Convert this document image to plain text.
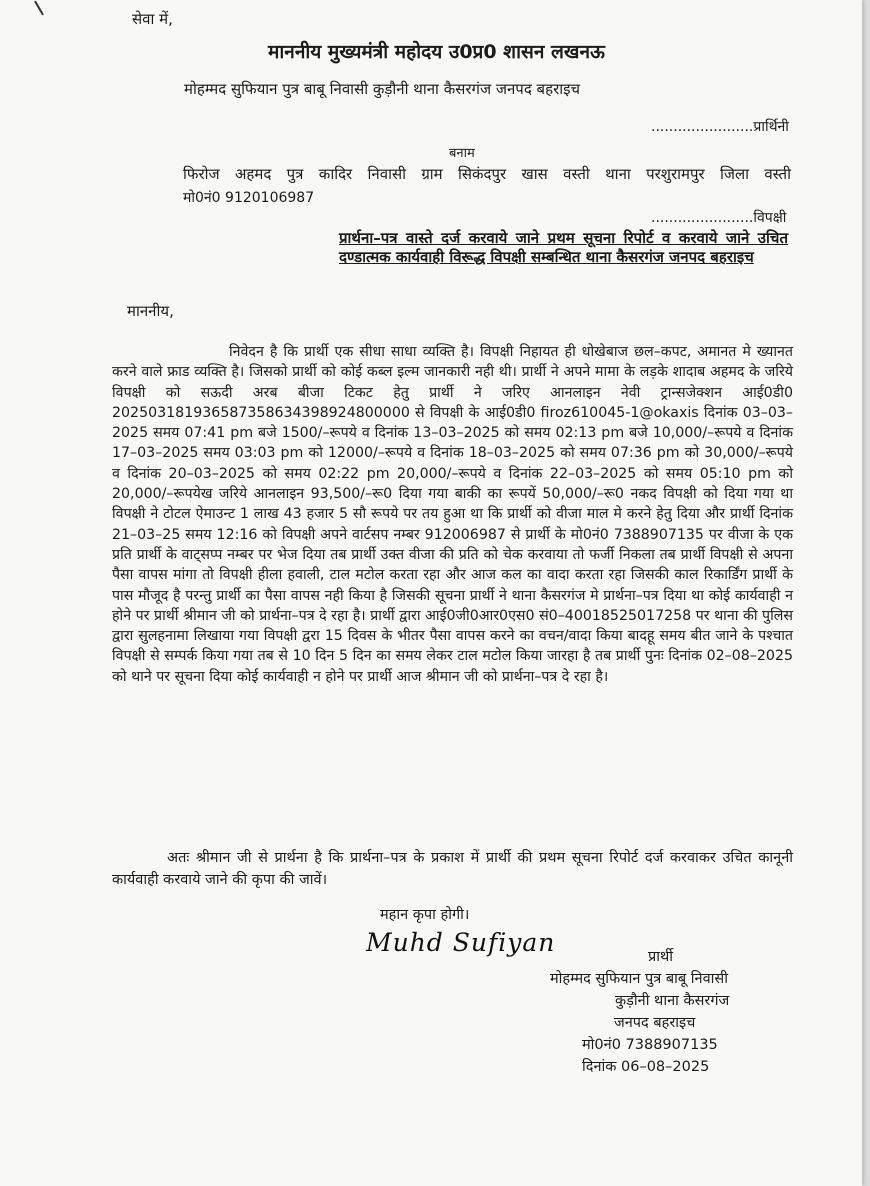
सेवा में,
माननीय मुख्यमंत्री महोदय उ0प्र0 शासन लखनऊ
मोहम्मद सुफियान पुत्र बाबू निवासी कुड़ौनी थाना कैसरगंज जनपद बहराइच
.......................प्रार्थिनी
बनाम
फिरोज अहमद पुत्र कादिर निवासी ग्राम सिकंदपुर खास वस्ती थाना परशुरामपुर जिला वस्ती
मो0नं0 9120106987
.......................विपक्षी
प्रार्थना–पत्र वास्ते दर्ज करवाये जाने प्रथम सूचना रिपोर्ट व करवाये जाने उचित दण्डात्मक कार्यवाही विरूद्ध विपक्षी सम्बन्धित थाना कैसरगंज जनपद बहराइच
माननीय,
निवेदन है कि प्रार्थी एक सीधा साधा व्यक्ति है। विपक्षी निहायत ही धोखेबाज छल–कपट, अमानत मे ख्यानत करने वाले फ्राड व्यक्ति है। जिसको प्रार्थी को कोई कब्ल इल्म जानकारी नही थी। प्रार्थी ने अपने मामा के लड़के शादाब अहमद के जरिये विपक्षी को सऊदी अरब बीजा टिकट हेतु प्रार्थी ने जरिए आनलाइन नेवी ट्रान्सजेक्शन आई0डी0 202503181936587358634398924800000 से विपक्षी के आई0डी0 firoz610045-1@okaxis दिनांक 03–03–2025 समय 07:41 pm बजे 1500/–रूपये व दिनांक 13–03–2025 को समय 02:13 pm बजे 10,000/–रूपये व दिनांक 17–03–2025 समय 03:03 pm को 12000/–रूपये व दिनांक 18–03–2025 को समय 07:36 pm को 30,000/–रूपये व दिनांक 20–03–2025 को समय 02:22 pm 20,000/–रूपये व दिनांक 22–03–2025 को समय 05:10 pm को 20,000/–रूपयेख जरिये आनलाइन 93,500/–रू0 दिया गया बाकी का रूपयें 50,000/–रू0 नकद विपक्षी को दिया गया था विपक्षी ने टोटल ऐमाउन्ट 1 लाख 43 हजार 5 सौ रूपये पर तय हुआ था कि प्रार्थी को वीजा माल मे करने हेतु दिया और प्रार्थी दिनांक 21–03–25 समय 12:16 को विपक्षी अपने वार्टसप नम्बर 912006987 से प्रार्थी के मो0नं0 7388907135 पर वीजा के एक प्रति प्रार्थी के वाट्सप्प नम्बर पर भेज दिया तब प्रार्थी उक्त वीजा की प्रति को चेक करवाया तो फर्जी निकला तब प्रार्थी विपक्षी से अपना पैसा वापस मांगा तो विपक्षी हीला हवाली, टाल मटोल करता रहा और आज कल का वादा करता रहा जिसकी काल रिकार्डिंग प्रार्थी के पास मौजूद है परन्तु प्रार्थी का पैसा वापस नही किया है जिसकी सूचना प्रार्थी ने थाना कैसरगंज मे प्रार्थना–पत्र दिया था कोई कार्यवाही न होने पर प्रार्थी श्रीमान जी को प्रार्थना–पत्र दे रहा है। प्रार्थी द्वारा आई0जी0आर0एस0 सं0–40018525017258 पर थाना की पुलिस द्वारा सुलहनामा लिखाया गया विपक्षी द्वरा 15 दिवस के भीतर पैसा वापस करने का वचन/वादा किया बादहू समय बीत जाने के पश्चात विपक्षी से सम्पर्क किया गया तब से 10 दिन 5 दिन का समय लेकर टाल मटोल किया जारहा है तब प्रार्थी पुनः दिनांक 02–08–2025 को थाने पर सूचना दिया कोई कार्यवाही न होने पर प्रार्थी आज श्रीमान जी को प्रार्थना–पत्र दे रहा है।
अतः श्रीमान जी से प्रार्थना है कि प्रार्थना–पत्र के प्रकाश में प्रार्थी की प्रथम सूचना रिपोर्ट दर्ज करवाकर उचित कानूनी कार्यवाही करवाये जाने की कृपा की जावें।
महान कृपा होगी।
Muhd Sufiyan	प्रार्थी
मोहम्मद सुफियान पुत्र बाबू निवासी
कुड़ौनी थाना कैसरगंज
जनपद बहराइच
मो0नं0 7388907135
दिनांक 06–08–2025
